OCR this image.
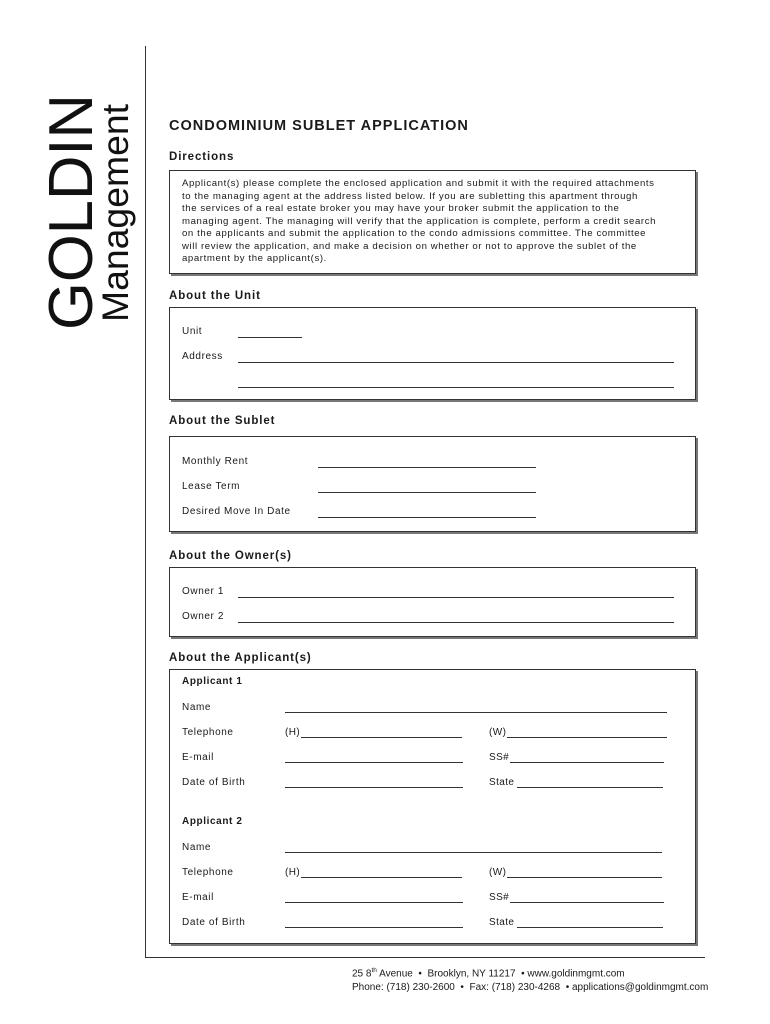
GOLDIN
Management CONDOMINIUM SUBLET APPLICATION
Directions
Applicant(s) please complete the enclosed application and submit it with the required attachments
to the managing agent at the address listed below. If you are subletting this apartment through
the services of a real estate broker you may have your broker submit the application to the
managing agent. The managing will verify that the application is complete, perform a credit search
on the applicants and submit the application to the condo admissions committee. The committee
will review the application, and make a decision on whether or not to approve the sublet of the
apartment by the applicant(s).
About the Unit
Unit
Address
About the Sublet
Monthly Rent
Lease Term
Desired Move In Date
About the Owner(s)
Owner 1
Owner 2
About the Applicant(s)
Applicant 1
Name
Telephone	(H)	(W)
E-mail	SS#
Date of Birth	State
Applicant 2
Name
Telephone	(H)	(W)
E-mail	SS#
Date of Birth	State
25 8th Avenue • Brooklyn, NY 11217 • www.goldinmgmt.com
Phone: (718) 230-2600 • Fax: (718) 230-4268 • applications@goldinmgmt.com
